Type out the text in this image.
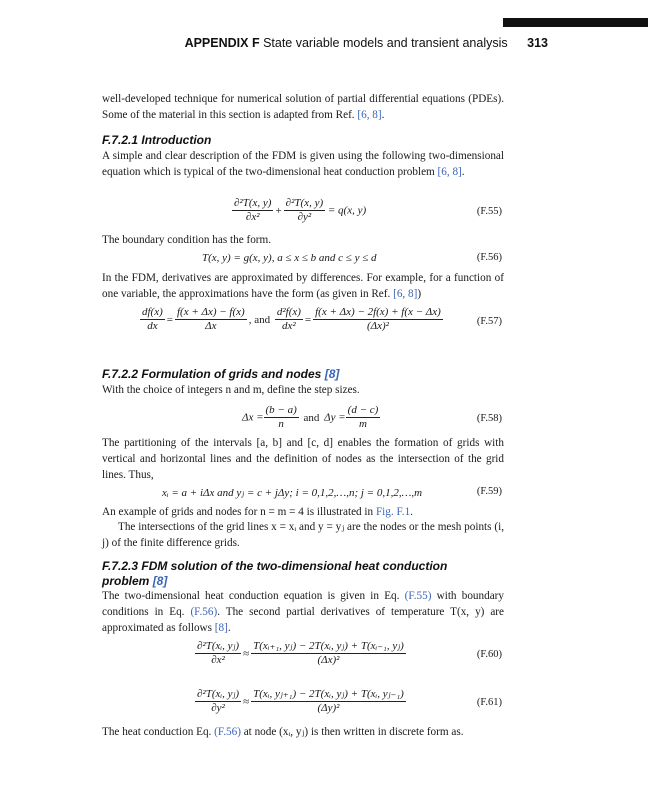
APPENDIX F State variable models and transient analysis 313

well-developed technique for numerical solution of partial differential equations (PDEs). Some of the material in this section is adapted from Ref. [6, 8].

F.7.2.1 Introduction

A simple and clear description of the FDM is given using the following two-dimensional equation which is typical of the two-dimensional heat conduction problem [6, 8].

$\frac{\text{∂²T(x, y)}}{\text{∂x²}} + \frac{\text{∂²T(x, y)}}{\text{∂y²}} = q(x$, y)	(F.55)

The boundary condition has the form.

T(x, y) = g(x, y), a ≤ x ≤ b and c ≤ y ≤ d	(F.56)

In the FDM, derivatives are approximated by differences. For example, for a function of one variable, the approximations have the form (as given in Ref. [6, 8])

$\frac{df(x)}{dx} = \frac{f(x + \Delta x) - f(x)}{\Delta x}$ , and $\frac{\text{d²f(x)}}{\text{dx²}} = \frac{f(x + \Delta x) - 2f(x) + f(x - \Delta x)}{\text{(Δx)²}}$	(F.57)
F.7.2.2 Formulation of grids and nodes [8]

With the choice of integers n and m, define the step sizes.

$\Delta x = \frac{(b - a)}{n}$ and $\Delta y = \frac{(d - c)}{m}$	(F.58)

The partitioning of the intervals [a, b] and [c, d] enables the formation of grids with vertical and horizontal lines and the definition of nodes as the intersection of the grid lines. Thus,

xᵢ = a + iΔx and yⱼ = c + jΔy; i = 0,1,2,…,n; j = 0,1,2,…,m	(F.59)

An example of grids and nodes for n = m = 4 is illustrated in Fig. F.1.

The intersections of the grid lines x = xᵢ and y = yⱼ are the nodes or the mesh points (i, j) of the finite difference grids.

F.7.2.3 FDM solution of the two-dimensional heat conduction
problem [8]

The two-dimensional heat conduction equation is given in Eq. (F.55) with boundary conditions in Eq. (F.56). The second partial derivatives of temperature T(x, y) are approximated as follows [8].

$\frac{\text{∂²T(xᵢ, yⱼ)}}{\text{∂x²}} \approx \frac{\text{T(xᵢ₊₁, yⱼ) − 2T(xᵢ, yⱼ) + T(xᵢ₋₁, yⱼ)}}{\text{(Δx)²}}$	(F.60)
$\frac{\text{∂²T(xᵢ, yⱼ)}}{\text{∂y²}} \approx \frac{\text{T(xᵢ, yⱼ₊₁) − 2T(xᵢ, yⱼ) + T(xᵢ, yⱼ₋₁)}}{\text{(Δy)²}}$	(F.61)

The heat conduction Eq. (F.56) at node (xᵢ, yⱼ) is then written in discrete form as.
